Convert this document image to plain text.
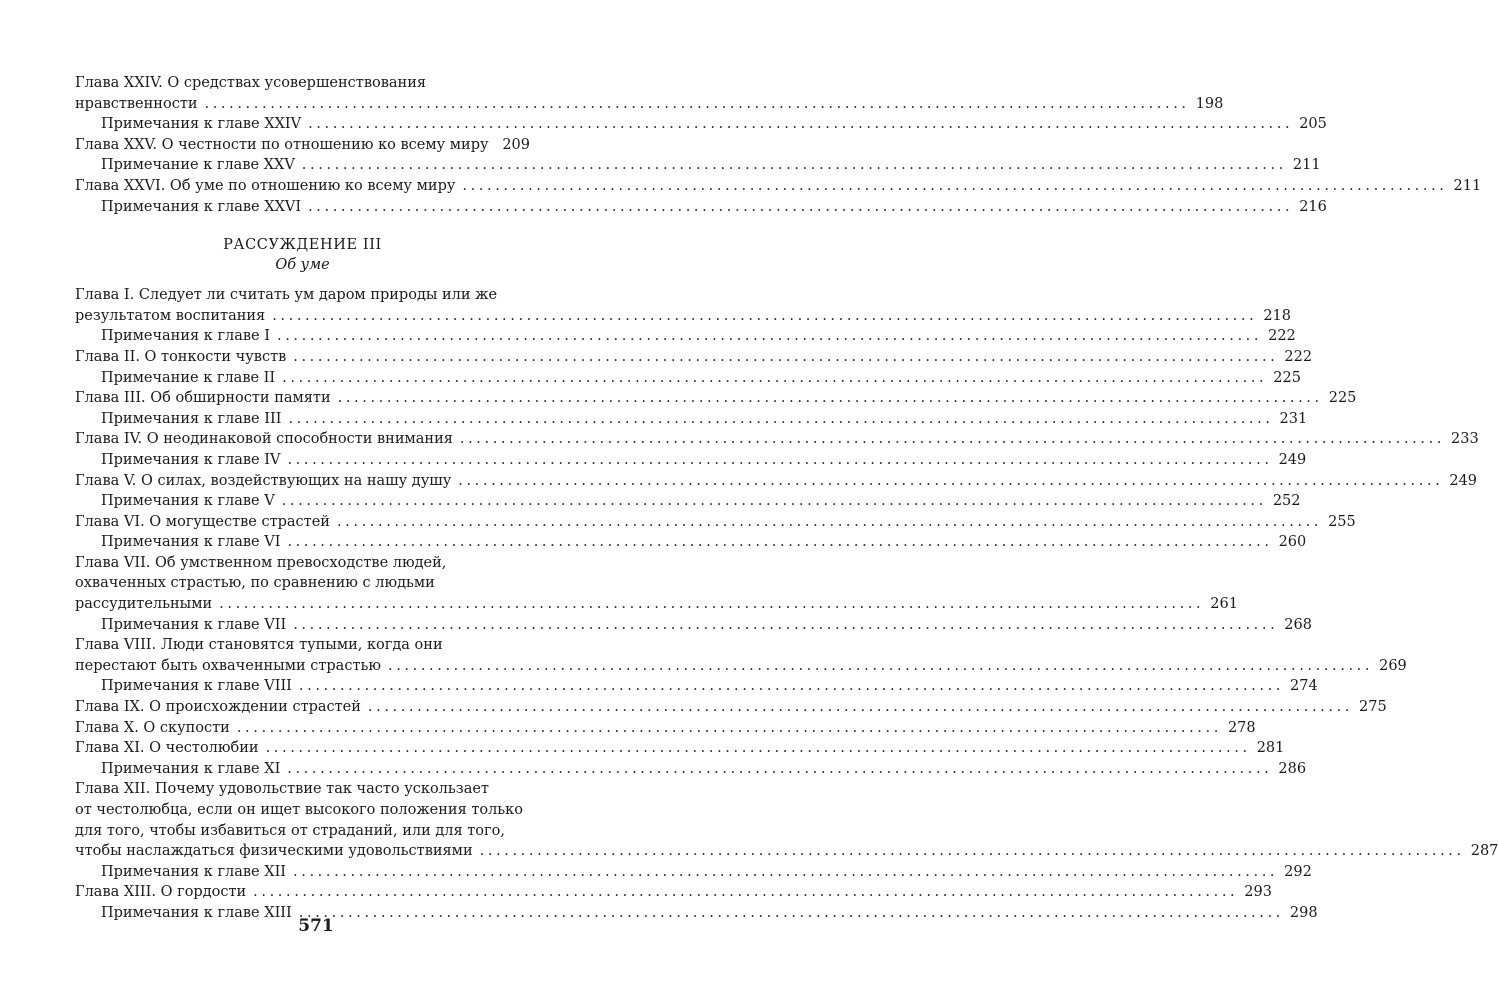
Глава XXIV. О средствах усовершенствования
нравственности ........................................................................................................................ 198
Примечания к главе XXIV ........................................................................................................................ 205
Глава XXV. О честности по отношению ко всему миру 209
Примечание к главе XXV ........................................................................................................................ 211
Глава XXVI. Об уме по отношению ко всему миру ........................................................................................................................ 211
Примечания к главе XXVI ........................................................................................................................ 216
РАССУЖДЕНИЕ III
Об уме
Глава I. Следует ли считать ум даром природы или же
результатом воспитания ........................................................................................................................ 218
Примечания к главе I ........................................................................................................................ 222
Глава II. О тонкости чувств ........................................................................................................................ 222
Примечание к главе II ........................................................................................................................ 225
Глава III. Об обширности памяти ........................................................................................................................ 225
Примечания к главе III ........................................................................................................................ 231
Глава IV. О неодинаковой способности внимания ........................................................................................................................ 233
Примечания к главе IV ........................................................................................................................ 249
Глава V. О силах, воздействующих на нашу душу ........................................................................................................................ 249
Примечания к главе V ........................................................................................................................ 252
Глава VI. О могуществе страстей ........................................................................................................................ 255
Примечания к главе VI ........................................................................................................................ 260
Глава VII. Об умственном превосходстве людей,
охваченных страстью, по сравнению с людьми
рассудительными ........................................................................................................................ 261
Примечания к главе VII ........................................................................................................................ 268
Глава VIII. Люди становятся тупыми, когда они
перестают быть охваченными страстью ........................................................................................................................ 269
Примечания к главе VIII ........................................................................................................................ 274
Глава IX. О происхождении страстей ........................................................................................................................ 275
Глава X. О скупости ........................................................................................................................ 278
Глава XI. О честолюбии ........................................................................................................................ 281
Примечания к главе XI ........................................................................................................................ 286
Глава XII. Почему удовольствие так часто ускользает
от честолюбца, если он ищет высокого положения только
для того, чтобы избавиться от страданий, или для того,
чтобы наслаждаться физическими удовольствиями ........................................................................................................................ 287
Примечания к главе XII ........................................................................................................................ 292
Глава XIII. О гордости ........................................................................................................................ 293
Примечания к главе XIII ........................................................................................................................ 298
571
